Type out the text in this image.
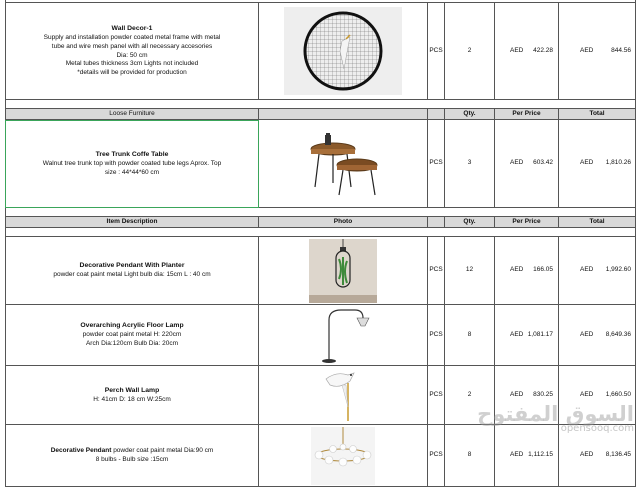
Wall Decor-1
Supply and installation powder coated metal frame with metal
tube and wire mesh panel with all necessary accesories
Dia: 50 cm
Metal tubes thickness 3cm Lights not included
*details will be provided for production
PCS	2	AED 422.28	AED	844.56
Loose Furniture	Qty.	Per Price	Total
Tree Trunk Coffe Table
Walnut tree trunk top with powder coated tube legs Aprox. Top
size : 44*44*60 cm
PCS	3	AED 603.42	AED 1,810.26
Item Description	Photo	Qty.	Per Price	Total
Decorative Pendant With Planter
powder coat paint metal Light bulb dia: 15cm L : 40 cm
PCS	12	AED 166.05	AED 1,992.60
Overarching Acrylic Floor Lamp
powder coat paint metal H: 220cm
Arch Dia:120cm Bulb Dia: 20cm
PCS	8	AED 1,081.17	AED 8,649.36
Perch Wall Lamp
H: 41cm D: 18 cm W:25cm
PCS	2	AED 830.25	AED 1,660.50
Decorative Pendant powder coat paint metal Dia:90 cm
8 bulbs - Bulb size :15cm
PCS	8	AED 1,112.15	AED 8,136.45
السوق المفتوح
opensooq.com
